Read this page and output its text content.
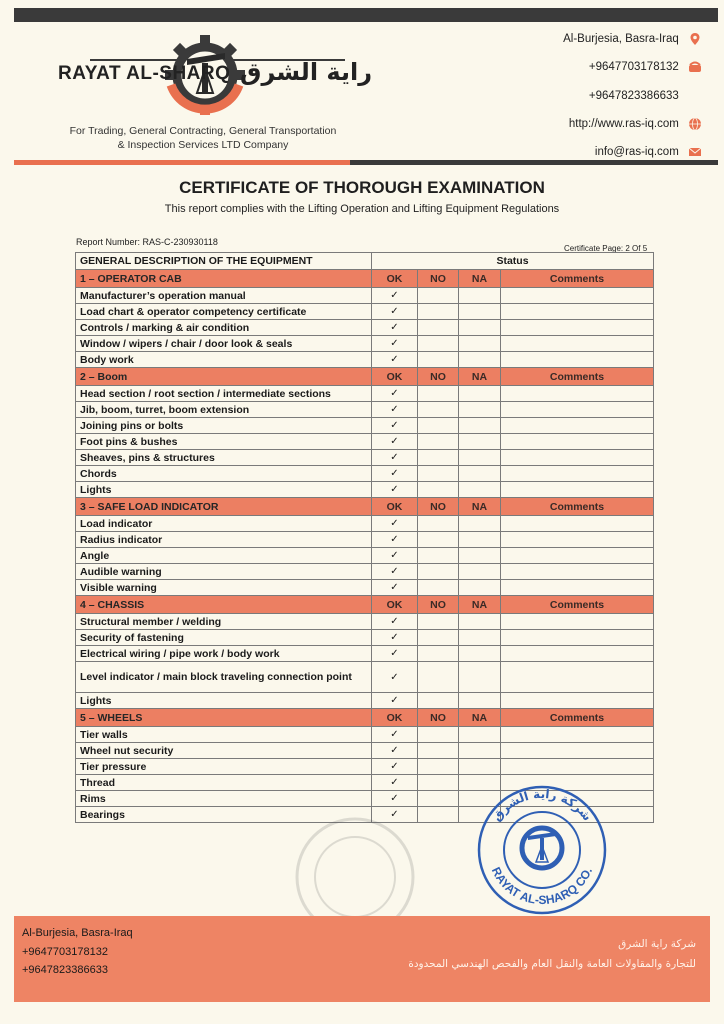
RAYAT AL-SHARQ راية الشرق
For Trading, General Contracting, General Transportation
& Inspection Services LTD Company
Al-Burjesia, Basra-Iraq
+9647703178132
+9647823386633
http://www.ras-iq.com
info@ras-iq.com
CERTIFICATE OF THOROUGH EXAMINATION
This report complies with the Lifting Operation and Lifting Equipment Regulations
Report Number: RAS-C-230930118
Certificate Page: 2 Of 5
GENERAL DESCRIPTION OF THE EQUIPMENT	Status			
1 – OPERATOR CAB	OK	NO	NA	Comments
Manufacturer’s operation manual	✓			
Load chart & operator competency certificate	✓			
Controls / marking & air condition	✓			
Window / wipers / chair / door look & seals	✓			
Body work	✓			
2 – Boom	OK	NO	NA	Comments
Head section / root section / intermediate sections	✓			
Jib, boom, turret, boom extension	✓			
Joining pins or bolts	✓			
Foot pins & bushes	✓			
Sheaves, pins & structures	✓			
Chords	✓			
Lights	✓			
3 – SAFE LOAD INDICATOR	OK	NO	NA	Comments
Load indicator	✓			
Radius indicator	✓			
Angle	✓			
Audible warning	✓			
Visible warning	✓			
4 – CHASSIS	OK	NO	NA	Comments
Structural member / welding	✓			
Security of fastening	✓			
Electrical wiring / pipe work / body work	✓			
Level indicator / main block traveling connection point	✓			
Lights	✓			
5 – WHEELS	OK	NO	NA	Comments
Tier walls	✓			
Wheel nut security	✓			
Tier pressure	✓			
Thread	✓			
Rims	✓			
Bearings	✓				شركة راية الشرق
RAYAT AL-SHARQ CO.
Al-Burjesia, Basra-Iraq
+9647703178132
+9647823386633
شركة راية الشرق
للتجارة والمقاولات العامة والنقل العام والفحص الهندسي المحدودة
